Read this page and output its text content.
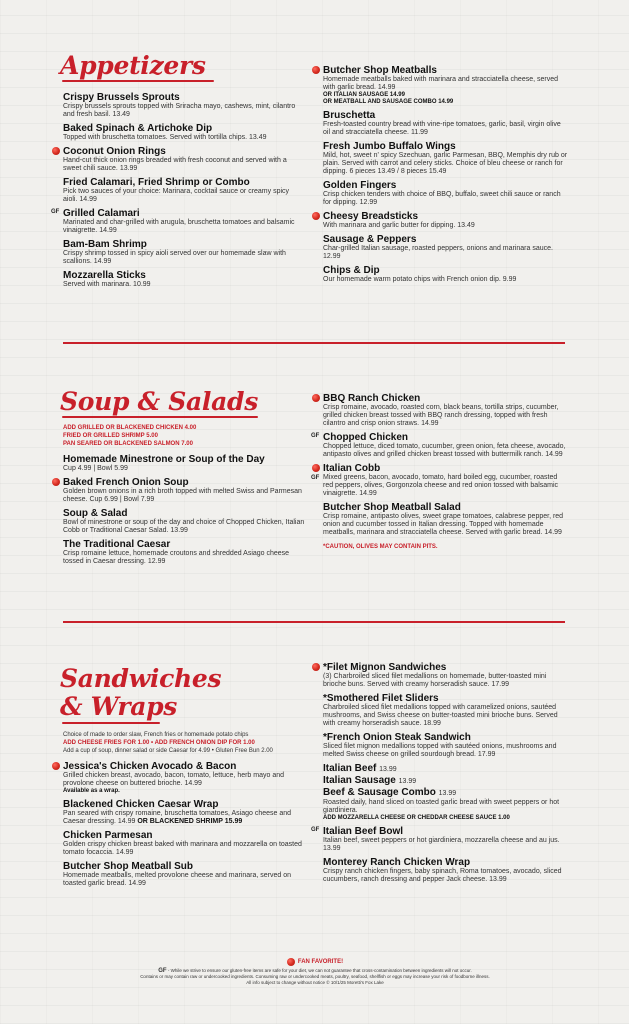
Appetizers
Crispy Brussels Sprouts
Crispy brussels sprouts topped with Sriracha mayo, cashews, mint, cilantro and fresh basil. 13.49
Baked Spinach & Artichoke Dip
Topped with bruschetta tomatoes. Served with tortilla chips. 13.49
Coconut Onion Rings
Hand-cut thick onion rings breaded with fresh coconut and served with a sweet chili sauce. 13.99
Fried Calamari, Fried Shrimp or Combo
Pick two sauces of your choice: Marinara, cocktail sauce or creamy spicy aioli. 14.99
GF Grilled Calamari
Marinated and char-grilled with arugula, bruschetta tomatoes and balsamic vinaigrette. 14.99
Bam-Bam Shrimp
Crispy shrimp tossed in spicy aioli served over our homemade slaw with scallions. 14.99
Mozzarella Sticks
Served with marinara. 10.99
Butcher Shop Meatballs
Homemade meatballs baked with marinara and stracciatella cheese, served with garlic bread. 14.99
OR ITALIAN SAUSAGE 14.99
OR MEATBALL AND SAUSAGE COMBO 14.99
Bruschetta
Fresh-toasted country bread with vine-ripe tomatoes, garlic, basil, virgin olive oil and stracciatella cheese. 11.99
Fresh Jumbo Buffalo Wings
Mild, hot, sweet n' spicy Szechuan, garlic Parmesan, BBQ, Memphis dry rub or plain. Served with carrot and celery sticks. Choice of bleu cheese or ranch for dipping. 6 pieces 13.49 / 8 pieces 15.49
Golden Fingers
Crisp chicken tenders with choice of BBQ, buffalo, sweet chili sauce or ranch for dipping. 12.99
Cheesy Breadsticks
With marinara and garlic butter for dipping. 13.49
Sausage & Peppers
Char-grilled Italian sausage, roasted peppers, onions and marinara sauce. 12.99
Chips & Dip
Our homemade warm potato chips with French onion dip. 9.99
Soup & Salads
ADD GRILLED OR BLACKENED CHICKEN 4.00
FRIED OR GRILLED SHRIMP 5.00
PAN SEARED OR BLACKENED SALMON 7.00
Homemade Minestrone or Soup of the Day
Cup 4.99 | Bowl 5.99
Baked French Onion Soup
Golden brown onions in a rich broth topped with melted Swiss and Parmesan cheese. Cup 6.99 | Bowl 7.99
Soup & Salad
Bowl of minestrone or soup of the day and choice of Chopped Chicken, Italian Cobb or Traditional Caesar Salad. 13.99
The Traditional Caesar
Crisp romaine lettuce, homemade croutons and shredded Asiago cheese tossed in Caesar dressing. 12.99
BBQ Ranch Chicken
Crisp romaine, avocado, roasted corn, black beans, tortilla strips, cucumber, grilled chicken breast tossed with BBQ ranch dressing, topped with fresh cilantro and crisp onion straws. 14.99
GF Chopped Chicken
Chopped lettuce, diced tomato, cucumber, green onion, feta cheese, avocado, antipasto olives and grilled chicken breast tossed with buttermilk ranch. 14.99
GF
Italian Cobb
Mixed greens, bacon, avocado, tomato, hard boiled egg, cucumber, roasted red peppers, olives, Gorgonzola cheese and red onion tossed with balsamic vinaigrette. 14.99
Butcher Shop Meatball Salad
Crisp romaine, antipasto olives, sweet grape tomatoes, calabrese pepper, red onion and cucumber tossed in Italian dressing. Topped with homemade meatballs, marinara and stracciatella cheese. Served with garlic bread. 14.99
*CAUTION, OLIVES MAY CONTAIN PITS.
Sandwiches
& Wraps
Choice of made to order slaw, French fries or homemade potato chips
ADD CHEESE FRIES FOR 1.00 • ADD FRENCH ONION DIP FOR 1.00
Add a cup of soup, dinner salad or side Caesar for 4.99 • Gluten Free Bun 2.00
Jessica's Chicken Avocado & Bacon
Grilled chicken breast, avocado, bacon, tomato, lettuce, herb mayo and provolone cheese on buttered brioche. 14.99
Available as a wrap.
Blackened Chicken Caesar Wrap
Pan seared with crispy romaine, bruschetta tomatoes, Asiago cheese and Caesar dressing. 14.99 OR BLACKENED SHRIMP 15.99
Chicken Parmesan
Golden crispy chicken breast baked with marinara and mozzarella on toasted tomato focaccia. 14.99
Butcher Shop Meatball Sub
Homemade meatballs, melted provolone cheese and marinara, served on toasted garlic bread. 14.99
*Filet Mignon Sandwiches
(3) Charbroiled sliced filet medallions on homemade, butter-toasted mini brioche buns. Served with creamy horseradish sauce. 17.99
*Smothered Filet Sliders
Charbroiled sliced filet medallions topped with caramelized onions, sautéed mushrooms, and Swiss cheese on butter-toasted mini brioche buns. Served with creamy horseradish sauce. 18.99
*French Onion Steak Sandwich
Sliced filet mignon medallions topped with sautéed onions, mushrooms and melted Swiss cheese on grilled sourdough bread. 17.99
Italian Beef 13.99
Italian Sausage 13.99
Beef & Sausage Combo 13.99
Roasted daily, hand sliced on toasted garlic bread with sweet peppers or hot giardiniera.
ADD MOZZARELLA CHEESE OR CHEDDAR CHEESE SAUCE 1.00
GF Italian Beef Bowl
Italian beef, sweet peppers or hot giardiniera, mozzarella cheese and au jus. 13.99
Monterey Ranch Chicken Wrap
Crispy ranch chicken fingers, baby spinach, Roma tomatoes, avocado, sliced cucumbers, ranch dressing and pepper Jack cheese. 13.99
FAN FAVORITE!
GF - While we strive to ensure our gluten-free items are safe for your diet, we can not guarantee that cross-contamination between ingredients will not occur.
Contains or may contain raw or undercooked ingredients. Consuming raw or undercooked meats, poultry, seafood, shellfish or eggs may increase your risk of foodborne illness.
All info subject to change without notice © 10/1/25 Moretti's Fox Lake
